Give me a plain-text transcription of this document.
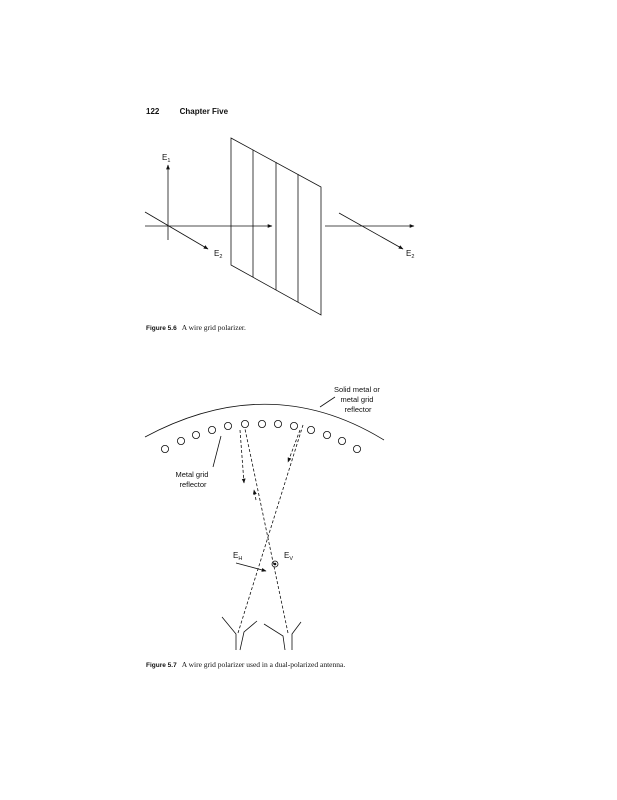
122	Chapter Five
$E_1$
$E_2$	$E_2$
Solid metal or metal grid reflector
Metal grid reflector
$E_H$	$E_V$
Figure 5.6 A wire grid polarizer.
Figure 5.7 A wire grid polarizer used in a dual-polarized antenna.
